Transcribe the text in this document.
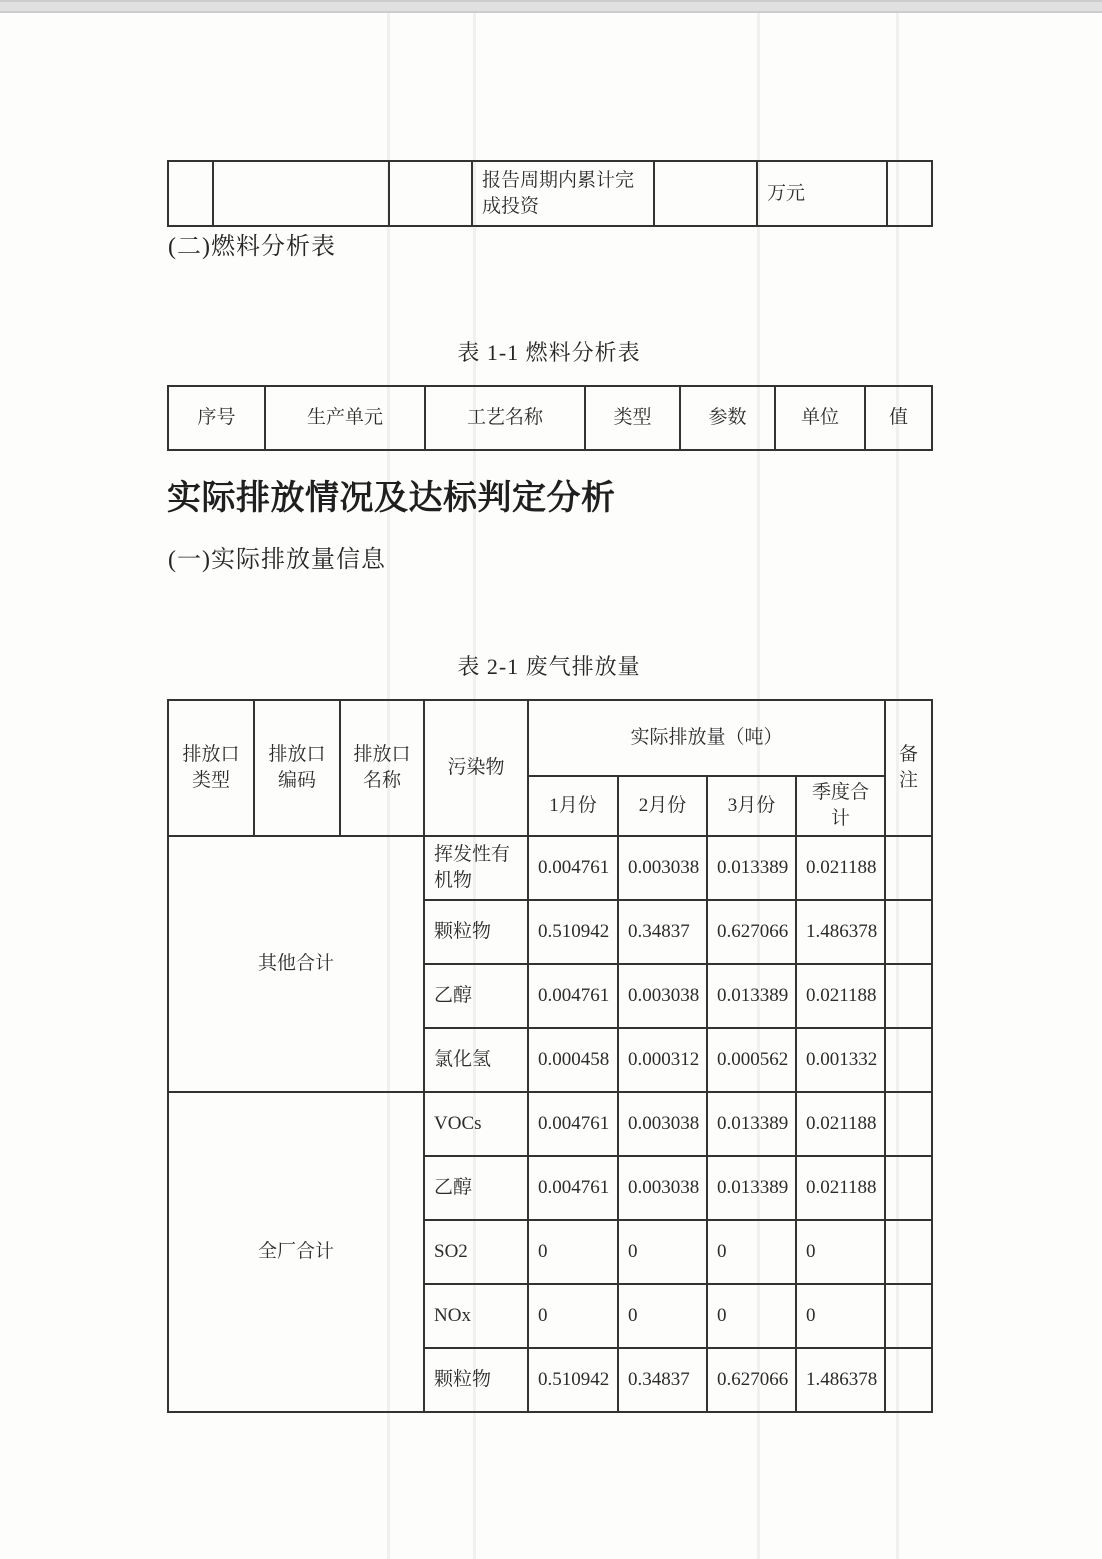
			报告周期内累计完成投资		万元	
(二)燃料分析表
表 1-1 燃料分析表
序号	生产单元	工艺名称	类型	参数	单位	值
实际排放情况及达标判定分析
(一)实际排放量信息
表 2-1 废气排放量
排放口类型	排放口编码	排放口名称	污染物	实际排放量（吨）				备注
				1月份	2月份	3月份	季度合计	
其他合计			挥发性有机物	0.004761	0.003038	0.013389	0.021188	
			颗粒物	0.510942	0.34837	0.627066	1.486378	
			乙醇	0.004761	0.003038	0.013389	0.021188	
			氯化氢	0.000458	0.000312	0.000562	0.001332	
全厂合计			VOCs	0.004761	0.003038	0.013389	0.021188	
			乙醇	0.004761	0.003038	0.013389	0.021188	
			SO2	0	0	0	0	
			NOx	0	0	0	0	
			颗粒物	0.510942	0.34837	0.627066	1.486378	
